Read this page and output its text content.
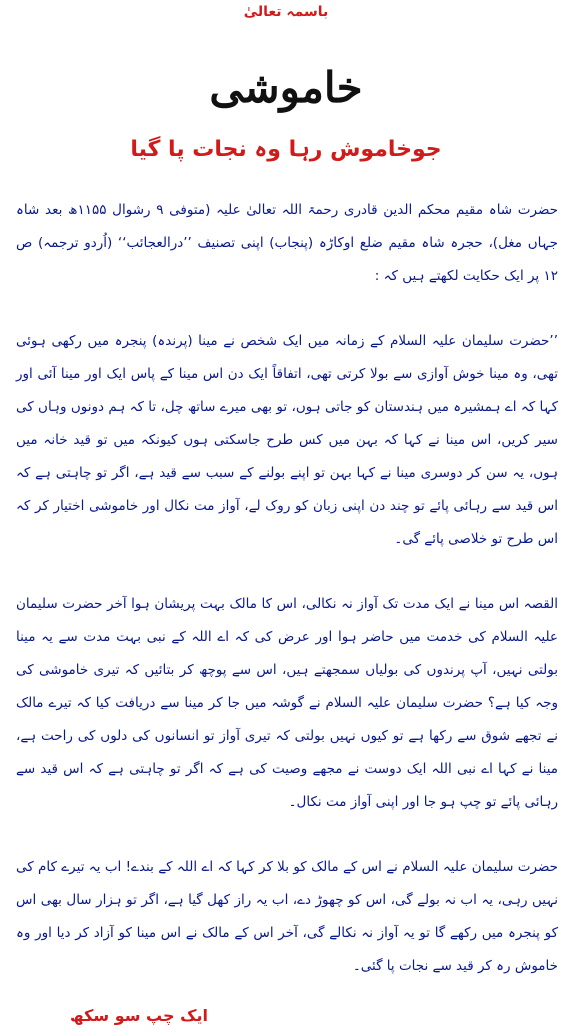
باسمہ تعالیٰ
خاموشی
جوخاموش رہا وہ نجات پا گیا

حضرت شاہ مقیم محکم الدین قادری رحمۃ اللہ تعالیٰ علیہ (متوفی ۹ رشوال ۱۱۵۵ھ بعد شاہ جہاں مغل)، حجرہ شاہ مقیم ضلع اوکاڑہ (پنجاب) اپنی تصنیف ’’درالعجائب‘‘ (اُردو ترجمہ) ص ۱۲ پر ایک حکایت لکھتے ہیں کہ :

’’حضرت سلیمان علیہ السلام کے زمانہ میں ایک شخص نے مینا (پرندہ) پنجرہ میں رکھی ہوئی تھی، وہ مینا خوش آوازی سے بولا کرتی تھی، اتفاقاً ایک دن اس مینا کے پاس ایک اور مینا آئی اور کہا کہ اے ہمشیرہ میں ہندستان کو جاتی ہوں، تو بھی میرے ساتھ چل، تا کہ ہم دونوں وہاں کی سیر کریں، اس مینا نے کہا کہ بہن میں کس طرح جاسکتی ہوں کیونکہ میں تو قید خانہ میں ہوں، یہ سن کر دوسری مینا نے کہا بہن تو اپنے بولنے کے سبب سے قید ہے، اگر تو چاہتی ہے کہ اس قید سے رہائی پائے تو چند دن اپنی زبان کو روک لے، آواز مت نکال اور خاموشی اختیار کر کہ اس طرح تو خلاصی پائے گی۔

القصہ اس مینا نے ایک مدت تک آواز نہ نکالی، اس کا مالک بہت پریشان ہوا آخر حضرت سلیمان علیہ السلام کی خدمت میں حاضر ہوا اور عرض کی کہ اے اللہ کے نبی بہت مدت سے یہ مینا بولتی نہیں، آپ پرندوں کی بولیاں سمجھتے ہیں، اس سے پوچھ کر بتائیں کہ تیری خاموشی کی وجہ کیا ہے؟ حضرت سلیمان علیہ السلام نے گوشہ میں جا کر مینا سے دریافت کیا کہ تیرے مالک نے تجھے شوق سے رکھا ہے تو کیوں نہیں بولتی کہ تیری آواز تو انسانوں کی دلوں کی راحت ہے، مینا نے کہا اے نبی اللہ ایک دوست نے مجھے وصیت کی ہے کہ اگر تو چاہتی ہے کہ اس قید سے رہائی پائے تو چپ ہو جا اور اپنی آواز مت نکال۔

حضرت سلیمان علیہ السلام نے اس کے مالک کو بلا کر کہا کہ اے اللہ کے بندے! اب یہ تیرے کام کی نہیں رہی، یہ اب نہ بولے گی، اس کو چھوڑ دے، اب یہ راز کھل گیا ہے، اگر تو ہزار سال بھی اس کو پنجرہ میں رکھے گا تو یہ آواز نہ نکالے گی، آخر اس کے مالک نے اس مینا کو آزاد کر دیا اور وہ خاموش رہ کر قید سے نجات پا گئی۔

ایک چپ سو سکھ
